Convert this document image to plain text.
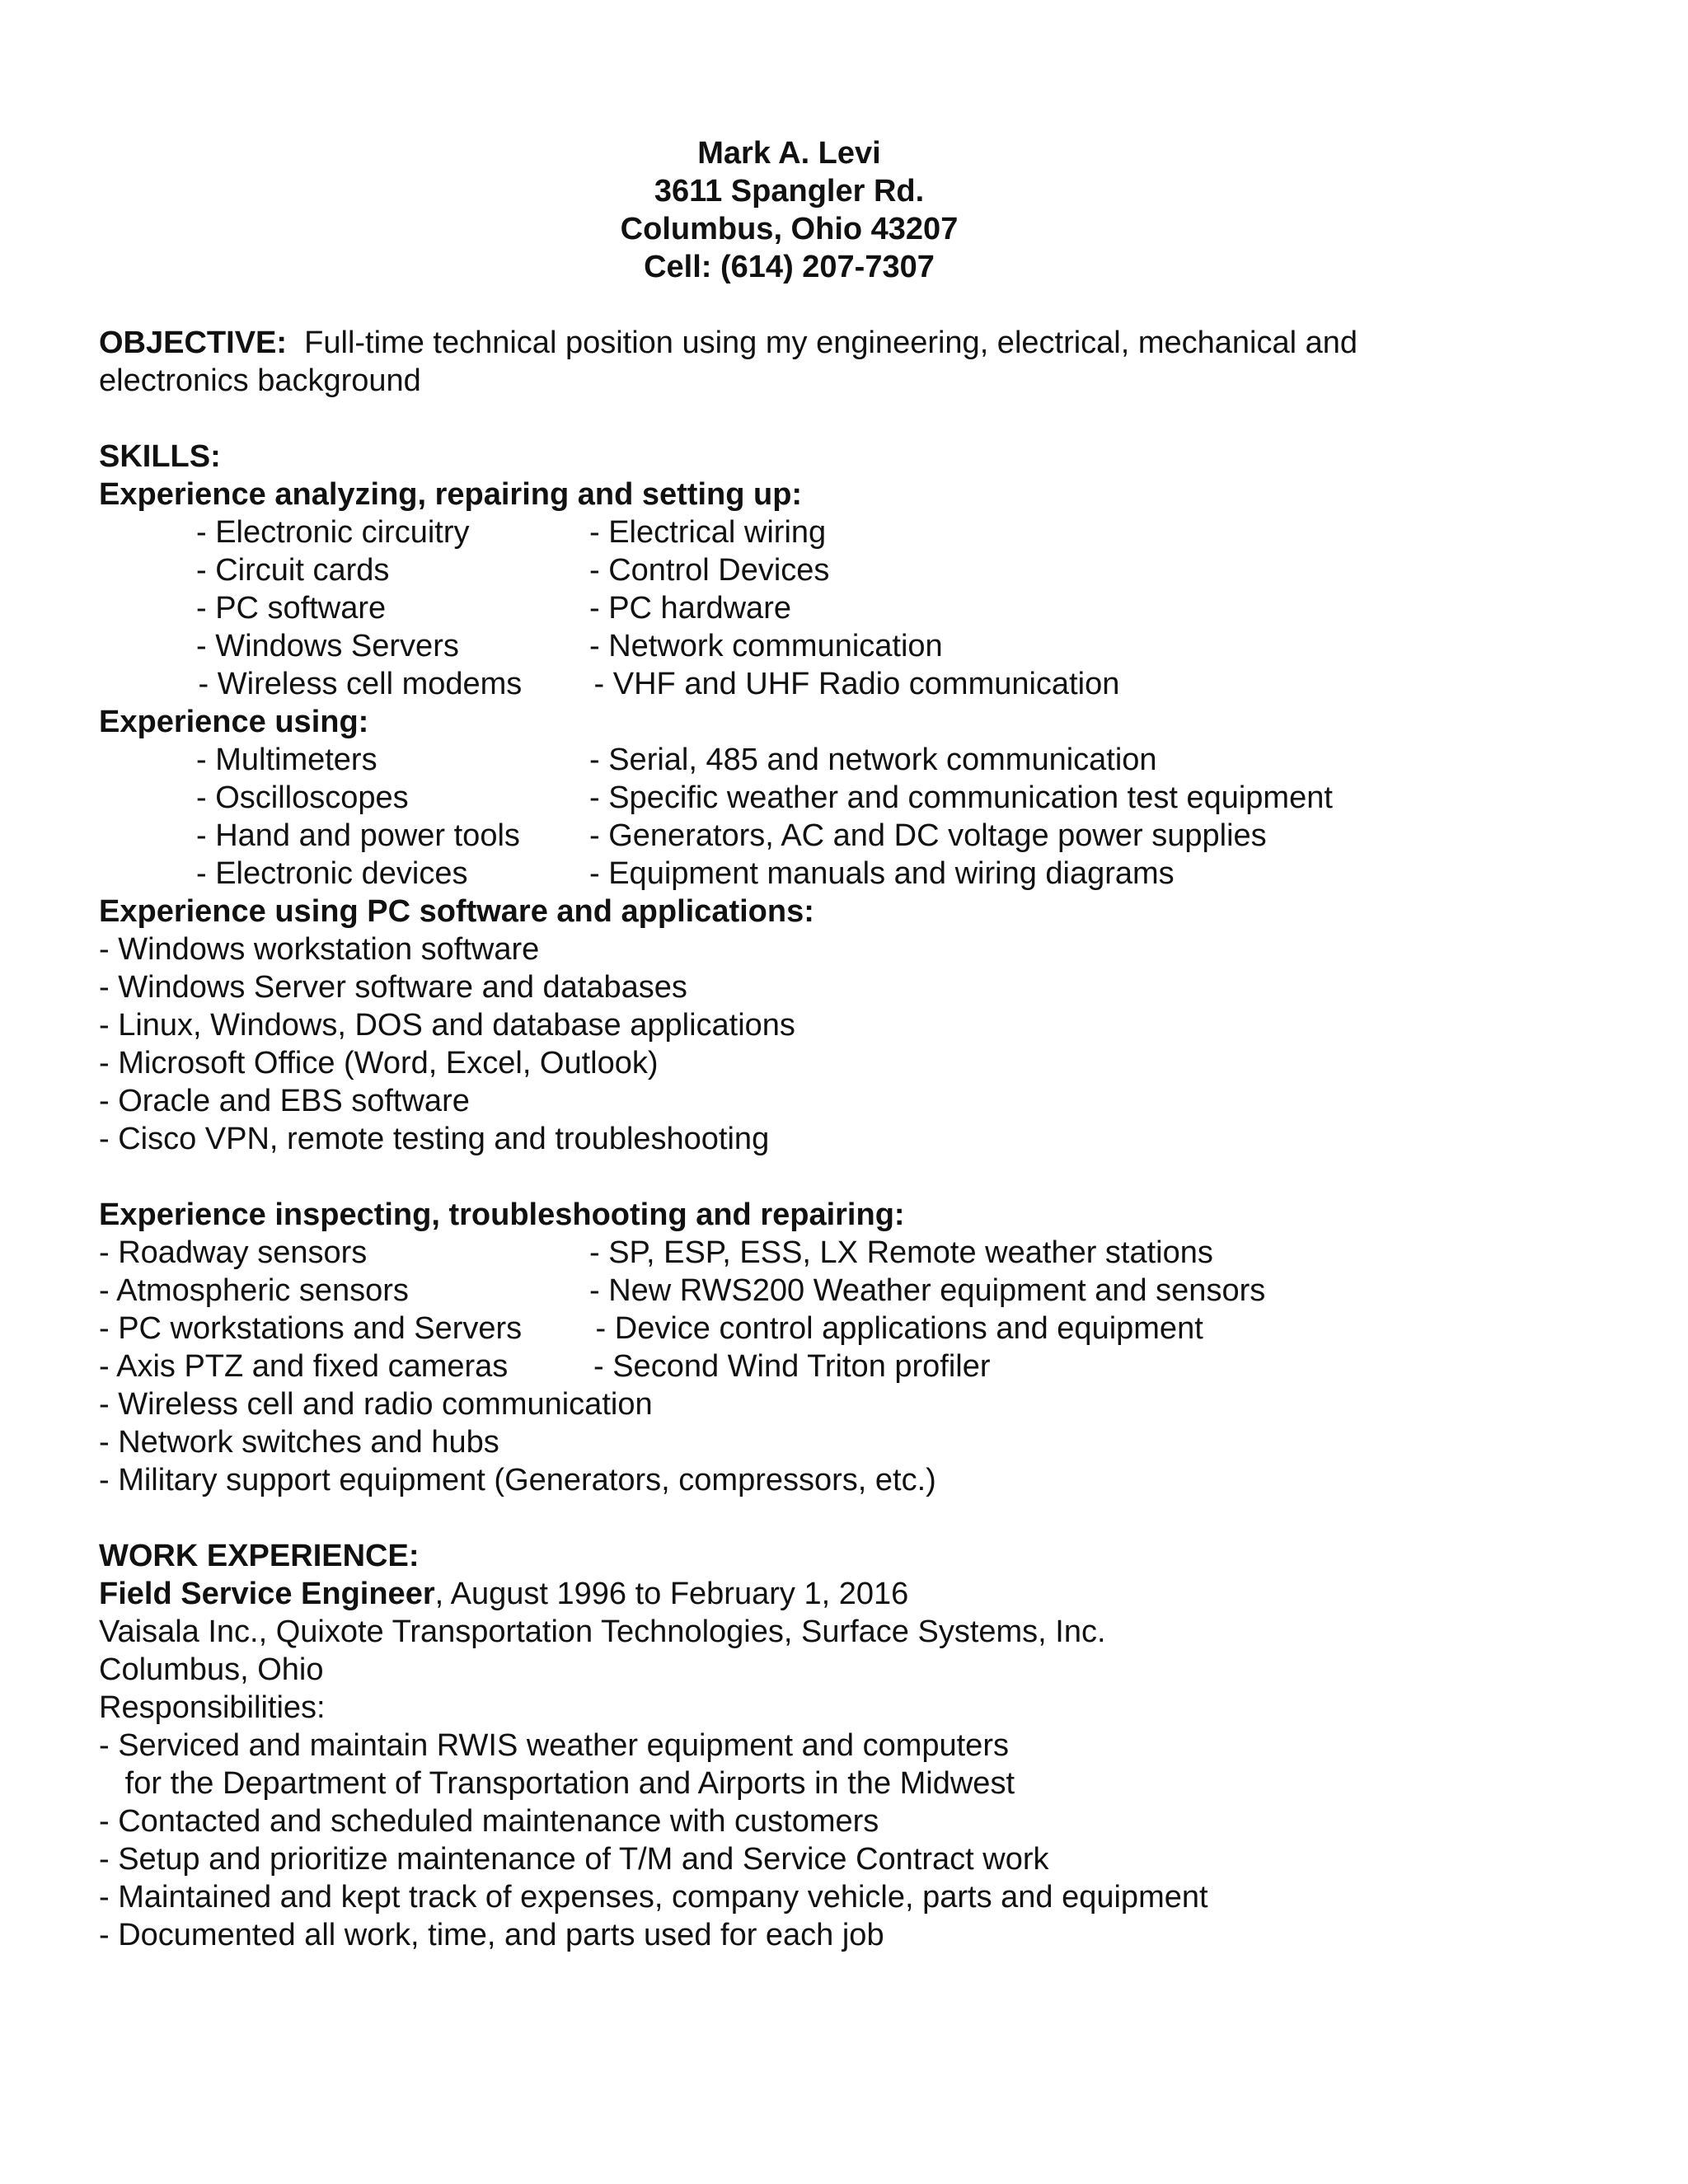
Mark A. Levi
3611 Spangler Rd.
Columbus, Ohio 43207
Cell: (614) 207-7307
OBJECTIVE: Full-time technical position using my engineering, electrical, mechanical and
electronics background
SKILLS:
Experience analyzing, repairing and setting up:
- Electronic circuitry	- Electrical wiring
- Circuit cards	- Control Devices
- PC software	- PC hardware
- Windows Servers	- Network communication
- Wireless cell modems - VHF and UHF Radio communication
Experience using:
- Multimeters	- Serial, 485 and network communication
- Oscilloscopes	- Specific weather and communication test equipment
- Hand and power tools - Generators, AC and DC voltage power supplies
- Electronic devices	- Equipment manuals and wiring diagrams
Experience using PC software and applications:
- Windows workstation software
- Windows Server software and databases
- Linux, Windows, DOS and database applications
- Microsoft Office (Word, Excel, Outlook)
- Oracle and EBS software
- Cisco VPN, remote testing and troubleshooting
Experience inspecting, troubleshooting and repairing:
- Roadway sensors	- SP, ESP, ESS, LX Remote weather stations
- Atmospheric sensors	- New RWS200 Weather equipment and sensors
- PC workstations and Servers - Device control applications and equipment
- Axis PTZ and fixed cameras	- Second Wind Triton profiler
- Wireless cell and radio communication
- Network switches and hubs
- Military support equipment (Generators, compressors, etc.)
WORK EXPERIENCE:
Field Service Engineer, August 1996 to February 1, 2016
Vaisala Inc., Quixote Transportation Technologies, Surface Systems, Inc.
Columbus, Ohio
Responsibilities:
- Serviced and maintain RWIS weather equipment and computers
for the Department of Transportation and Airports in the Midwest
- Contacted and scheduled maintenance with customers
- Setup and prioritize maintenance of T/M and Service Contract work
- Maintained and kept track of expenses, company vehicle, parts and equipment
- Documented all work, time, and parts used for each job
